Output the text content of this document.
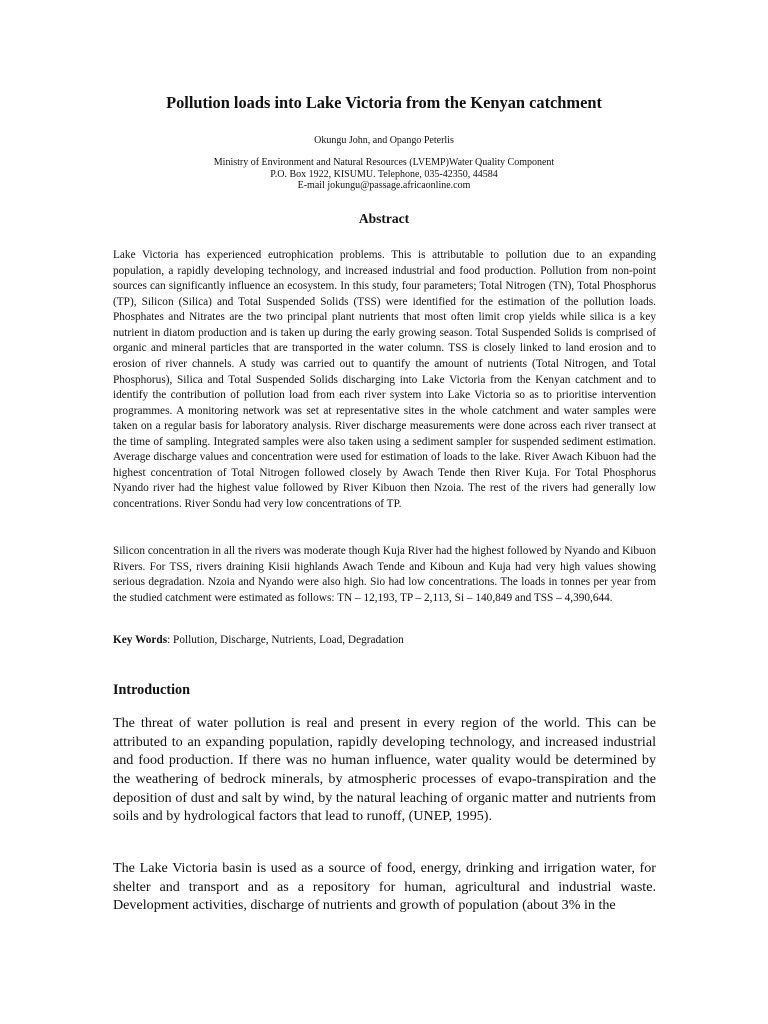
Pollution loads into Lake Victoria from the Kenyan catchment
Okungu John, and Opango Peterlis
Ministry of Environment and Natural Resources (LVEMP)Water Quality Component
P.O. Box 1922, KISUMU. Telephone, 035-42350, 44584
E-mail jokungu@passage.africaonline.com
Abstract

Lake Victoria has experienced eutrophication problems. This is attributable to pollution due to an expanding population, a rapidly developing technology, and increased industrial and food production. Pollution from non-point sources can significantly influence an ecosystem. In this study, four parameters; Total Nitrogen (TN), Total Phosphorus (TP), Silicon (Silica) and Total Suspended Solids (TSS) were identified for the estimation of the pollution loads. Phosphates and Nitrates are the two principal plant nutrients that most often limit crop yields while silica is a key nutrient in diatom production and is taken up during the early growing season. Total Suspended Solids is comprised of organic and mineral particles that are transported in the water column. TSS is closely linked to land erosion and to erosion of river channels. A study was carried out to quantify the amount of nutrients (Total Nitrogen, and Total Phosphorus), Silica and Total Suspended Solids discharging into Lake Victoria from the Kenyan catchment and to identify the contribution of pollution load from each river system into Lake Victoria so as to prioritise intervention programmes. A monitoring network was set at representative sites in the whole catchment and water samples were taken on a regular basis for laboratory analysis. River discharge measurements were done across each river transect at the time of sampling. Integrated samples were also taken using a sediment sampler for suspended sediment estimation. Average discharge values and concentration were used for estimation of loads to the lake. River Awach Kibuon had the highest concentration of Total Nitrogen followed closely by Awach Tende then River Kuja. For Total Phosphorus Nyando river had the highest value followed by River Kibuon then Nzoia. The rest of the rivers had generally low concentrations. River Sondu had very low concentrations of TP.

Silicon concentration in all the rivers was moderate though Kuja River had the highest followed by Nyando and Kibuon Rivers. For TSS, rivers draining Kisii highlands Awach Tende and Kiboun and Kuja had very high values showing serious degradation. Nzoia and Nyando were also high. Sio had low concentrations. The loads in tonnes per year from the studied catchment were estimated as follows: TN – 12,193, TP – 2,113, Si – 140,849 and TSS – 4,390,644.

Key Words: Pollution, Discharge, Nutrients, Load, Degradation
Introduction

The threat of water pollution is real and present in every region of the world. This can be attributed to an expanding population, rapidly developing technology, and increased industrial and food production. If there was no human influence, water quality would be determined by the weathering of bedrock minerals, by atmospheric processes of evapo-transpiration and the deposition of dust and salt by wind, by the natural leaching of organic matter and nutrients from soils and by hydrological factors that lead to runoff, (UNEP, 1995).

The Lake Victoria basin is used as a source of food, energy, drinking and irrigation water, for shelter and transport and as a repository for human, agricultural and industrial waste. Development activities, discharge of nutrients and growth of population (about 3% in the
